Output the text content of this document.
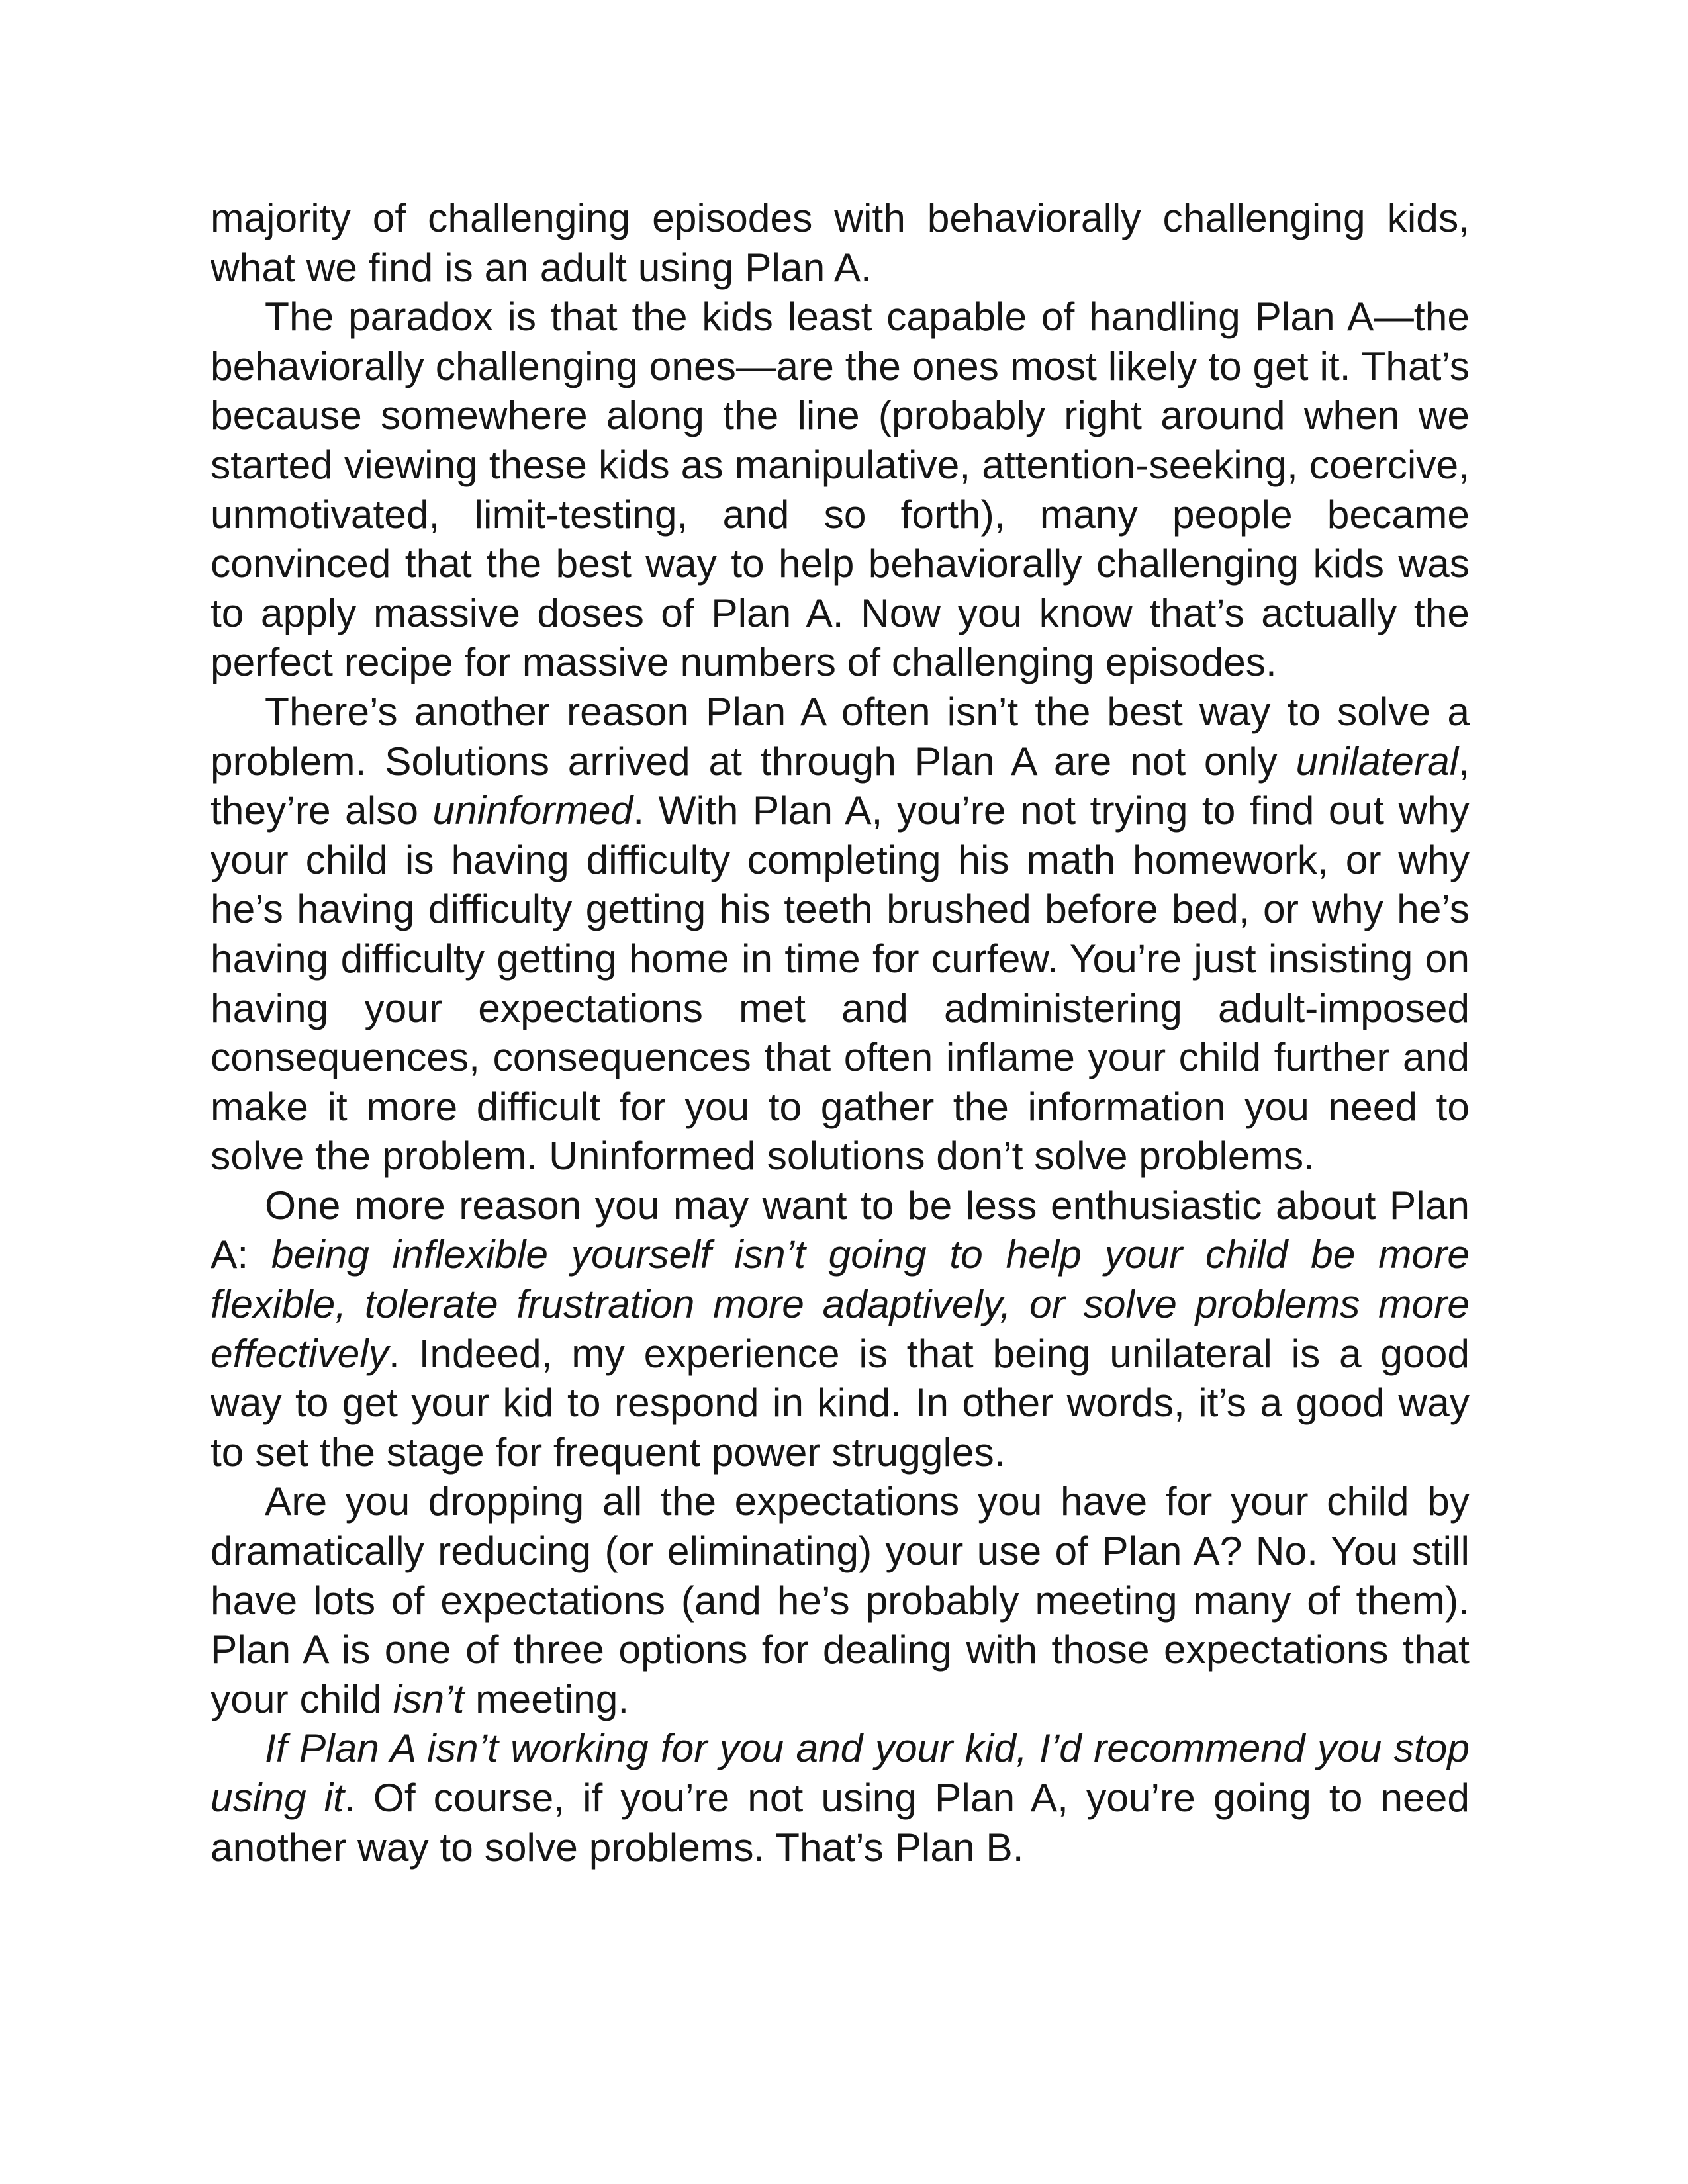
majority of challenging episodes with behaviorally challenging kids, what we find is an adult using Plan A.

The paradox is that the kids least capable of handling Plan A—the behaviorally challenging ones—are the ones most likely to get it. That’s because somewhere along the line (probably right around when we started viewing these kids as manipulative, attention-seeking, coercive, unmotivated, limit-testing, and so forth), many people became convinced that the best way to help behaviorally challenging kids was to apply massive doses of Plan A. Now you know that’s actually the perfect recipe for massive numbers of challenging episodes.

There’s another reason Plan A often isn’t the best way to solve a problem. Solutions arrived at through Plan A are not only unilateral, they’re also uninformed. With Plan A, you’re not trying to find out why your child is having difficulty completing his math homework, or why he’s having difficulty getting his teeth brushed before bed, or why he’s having difficulty getting home in time for curfew. You’re just insisting on having your expectations met and administering adult-imposed consequences, consequences that often inflame your child further and make it more difficult for you to gather the information you need to solve the problem. Uninformed solutions don’t solve problems.

One more reason you may want to be less enthusiastic about Plan A: being inflexible yourself isn’t going to help your child be more flexible, tolerate frustration more adaptively, or solve problems more effectively. Indeed, my experience is that being unilateral is a good way to get your kid to respond in kind. In other words, it’s a good way to set the stage for frequent power struggles.

Are you dropping all the expectations you have for your child by dramatically reducing (or eliminating) your use of Plan A? No. You still have lots of expectations (and he’s probably meeting many of them). Plan A is one of three options for dealing with those expectations that your child isn’t meeting.

If Plan A isn’t working for you and your kid, I’d recommend you stop using it. Of course, if you’re not using Plan A, you’re going to need another way to solve problems. That’s Plan B.
